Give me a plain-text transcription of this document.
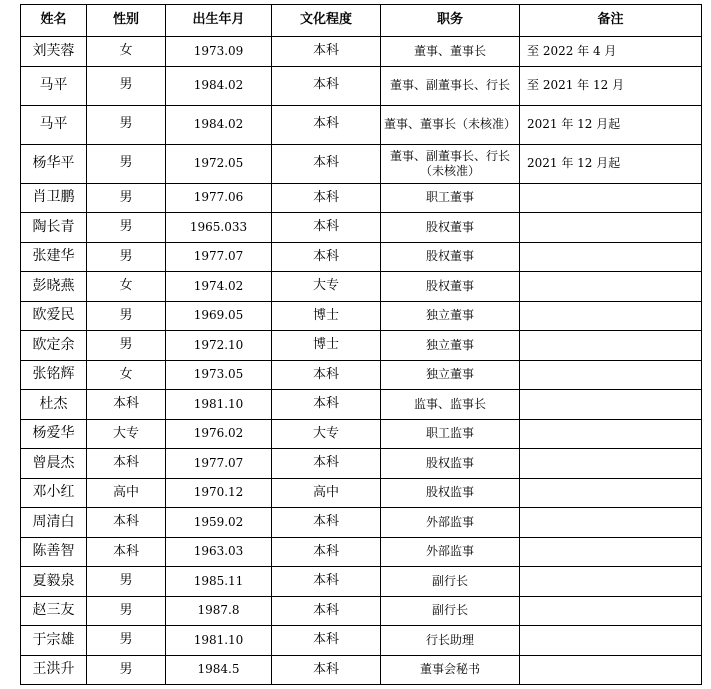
姓名	性别	出生年月	文化程度	职务	备注
刘芙蓉	女	1973.09	本科	董事、董事长	至 2022 年 4 月
马平	男	1984.02	本科	董事、副董事长、行长	至 2021 年 12 月
马平	男	1984.02	本科	董事、董事长（未核准）	2021 年 12 月起
杨华平	男	1972.05	本科	董事、副董事长、行长（未核准）	2021 年 12 月起
肖卫鹏	男	1977.06	本科	职工董事	
陶长青	男	1965.033	本科	股权董事	
张建华	男	1977.07	本科	股权董事	
彭晓燕	女	1974.02	大专	股权董事	
欧爱民	男	1969.05	博士	独立董事	
欧定余	男	1972.10	博士	独立董事	
张铭辉	女	1973.05	本科	独立董事	
杜杰	本科	1981.10	本科	监事、监事长	
杨爱华	大专	1976.02	大专	职工监事	
曾晨杰	本科	1977.07	本科	股权监事	
邓小红	高中	1970.12	高中	股权监事	
周清白	本科	1959.02	本科	外部监事	
陈善智	本科	1963.03	本科	外部监事	
夏毅泉	男	1985.11	本科	副行长	
赵三友	男	1987.8	本科	副行长	
于宗雄	男	1981.10	本科	行长助理	
王洪升	男	1984.5	本科	董事会秘书	
